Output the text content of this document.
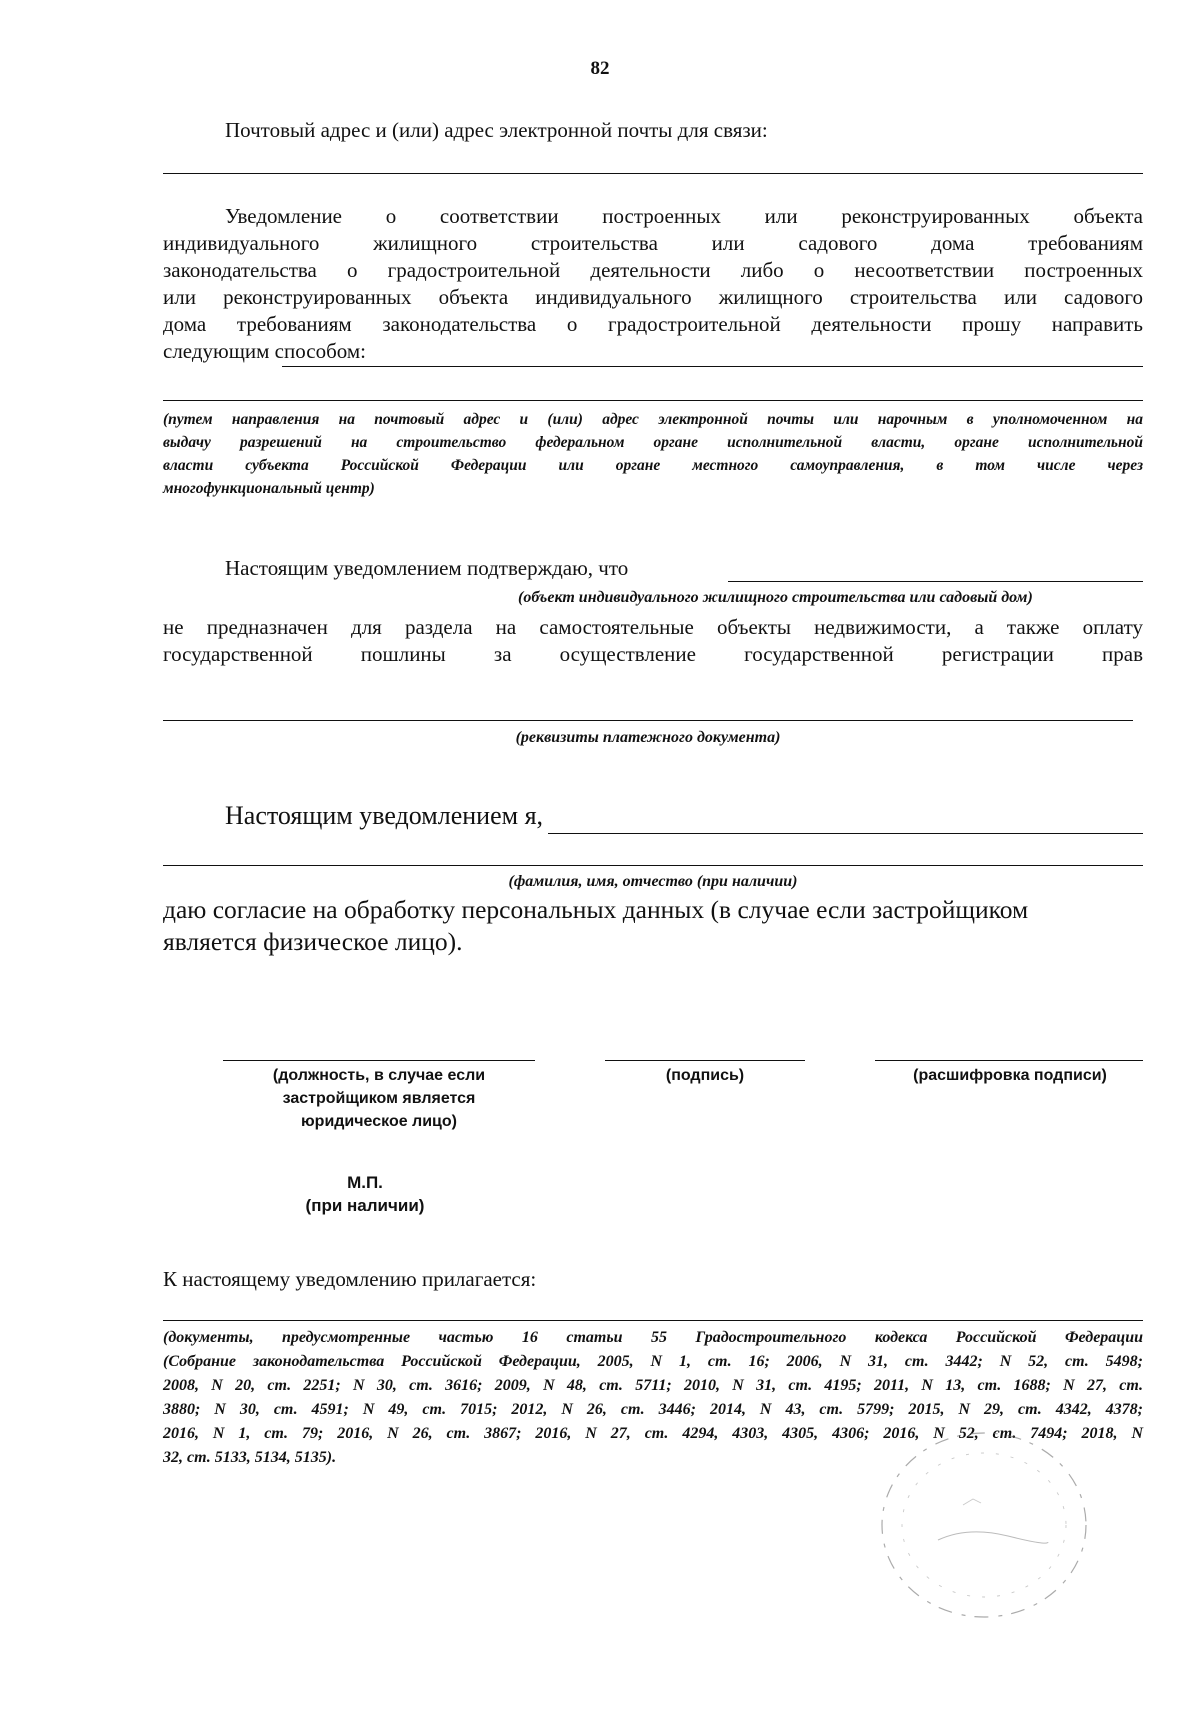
82
Почтовый адрес и (или) адрес электронной почты для связи:
Уведомление о соответствии построенных или реконструированных объекта
индивидуального жилищного строительства или садового дома требованиям
законодательства о градостроительной деятельности либо о несоответствии построенных
или реконструированных объекта индивидуального жилищного строительства или садового
дома требованиям законодательства о градостроительной деятельности прошу направить
следующим способом:
(путем направления на почтовый адрес и (или) адрес электронной почты или нарочным в уполномоченном на
выдачу разрешений на строительство федеральном органе исполнительной власти, органе исполнительной
власти субъекта Российской Федерации или органе местного самоуправления, в том числе через
многофункциональный центр)
Настоящим уведомлением подтверждаю, что
(объект индивидуального жилищного строительства или садовый дом)
не предназначен для раздела на самостоятельные объекты недвижимости, а также оплату
государственной пошлины за осуществление государственной регистрации прав
(реквизиты платежного документа)
Настоящим уведомлением я,
(фамилия, имя, отчество (при наличии)
даю согласие на обработку персональных данных (в случае если застройщиком
является физическое лицо).
(должность, в случае если
застройщиком является
юридическое лицо)
(подпись)	(расшифровка подписи)
М.П.
(при наличии)
К настоящему уведомлению прилагается:
(документы, предусмотренные частью 16 статьи 55 Градостроительного кодекса Российской Федерации
(Собрание законодательства Российской Федерации, 2005, N 1, ст. 16; 2006, N 31, ст. 3442; N 52, ст. 5498;
2008, N 20, ст. 2251; N 30, ст. 3616; 2009, N 48, ст. 5711; 2010, N 31, ст. 4195; 2011, N 13, ст. 1688; N 27, ст.
3880; N 30, ст. 4591; N 49, ст. 7015; 2012, N 26, ст. 3446; 2014, N 43, ст. 5799; 2015, N 29, ст. 4342, 4378;
2016, N 1, ст. 79; 2016, N 26, ст. 3867; 2016, N 27, ст. 4294, 4303, 4305, 4306; 2016, N 52, ст. 7494; 2018, N
32, ст. 5133, 5134, 5135).
